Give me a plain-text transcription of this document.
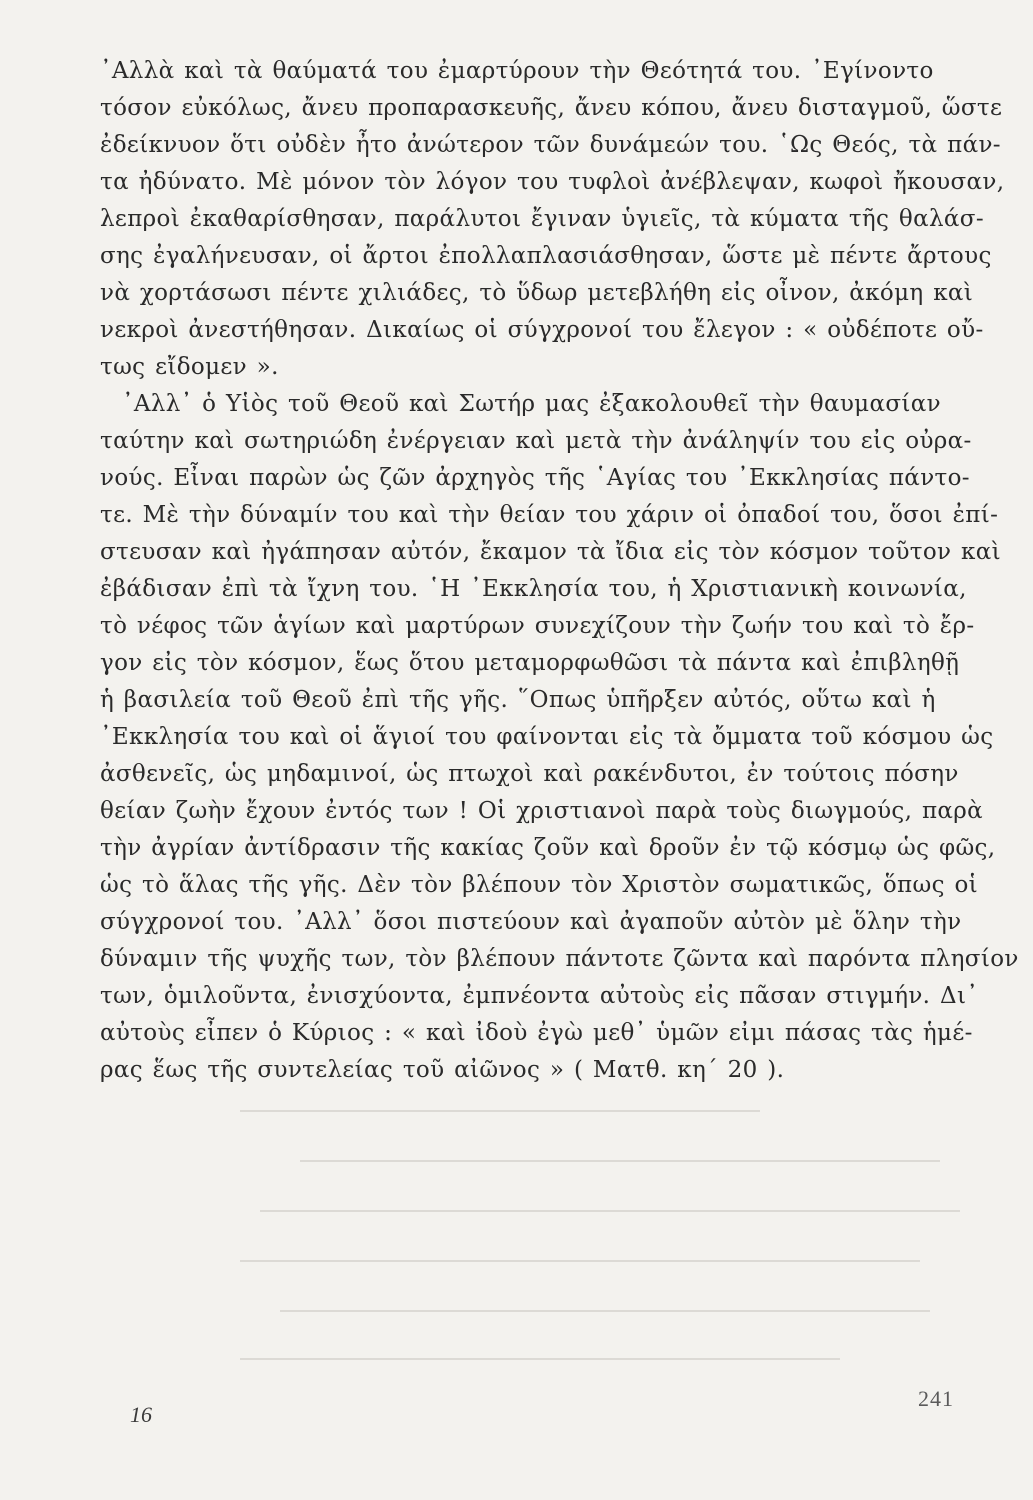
᾿Αλλὰ καὶ τὰ θαύματά του ἐμαρτύρουν τὴν Θεότητά του. ᾿Εγίνοντο
τόσον εὐκόλως, ἄνευ προπαρασκευῆς, ἄνευ κόπου, ἄνευ δισταγμοῦ, ὥστε
ἐδείκνυον ὅτι οὐδὲν ἦτο ἀνώτερον τῶν δυνάμεών του. ῾Ως Θεός, τὰ πάν-
τα ἠδύνατο. Μὲ μόνον τὸν λόγον του τυφλοὶ ἀνέβλεψαν, κωφοὶ ἤκουσαν,
λεπροὶ ἐκαθαρίσθησαν, παράλυτοι ἔγιναν ὑγιεῖς, τὰ κύματα τῆς θαλάσ-
σης ἐγαλήνευσαν, οἱ ἄρτοι ἐπολλαπλασιάσθησαν, ὥστε μὲ πέντε ἄρτους
νὰ χορτάσωσι πέντε χιλιάδες, τὸ ὕδωρ μετεβλήθη εἰς οἶνον, ἀκόμη καὶ
νεκροὶ ἀνεστήθησαν. Δικαίως οἱ σύγχρονοί του ἔλεγον : « οὐδέποτε οὔ-
τως εἴδομεν ».
᾿Αλλ᾿ ὁ Υἱὸς τοῦ Θεοῦ καὶ Σωτήρ μας ἐξακολουθεῖ τὴν θαυμασίαν
ταύτην καὶ σωτηριώδη ἐνέργειαν καὶ μετὰ τὴν ἀνάληψίν του εἰς οὐρα-
νούς. Εἶναι παρὼν ὡς ζῶν ἀρχηγὸς τῆς ῾Αγίας του ᾿Εκκλησίας πάντο-
τε. Μὲ τὴν δύναμίν του καὶ τὴν θείαν του χάριν οἱ ὀπαδοί του, ὅσοι ἐπί-
στευσαν καὶ ἠγάπησαν αὐτόν, ἔκαμον τὰ ἴδια εἰς τὸν κόσμον τοῦτον καὶ
ἐβάδισαν ἐπὶ τὰ ἴχνη του. ῾Η ᾿Εκκλησία του, ἡ Χριστιανικὴ κοινωνία,
τὸ νέφος τῶν ἁγίων καὶ μαρτύρων συνεχίζουν τὴν ζωήν του καὶ τὸ ἔρ-
γον εἰς τὸν κόσμον, ἕως ὅτου μεταμορφωθῶσι τὰ πάντα καὶ ἐπιβληθῇ
ἡ βασιλεία τοῦ Θεοῦ ἐπὶ τῆς γῆς. ῞Οπως ὑπῆρξεν αὐτός, οὕτω καὶ ἡ
᾿Εκκλησία του καὶ οἱ ἅγιοί του φαίνονται εἰς τὰ ὄμματα τοῦ κόσμου ὡς
ἀσθενεῖς, ὡς μηδαμινοί, ὡς πτωχοὶ καὶ ρακένδυτοι, ἐν τούτοις πόσην
θείαν ζωὴν ἔχουν ἐντός των ! Οἱ χριστιανοὶ παρὰ τοὺς διωγμούς, παρὰ
τὴν ἀγρίαν ἀντίδρασιν τῆς κακίας ζοῦν καὶ δροῦν ἐν τῷ κόσμῳ ὡς φῶς,
ὡς τὸ ἅλας τῆς γῆς. Δὲν τὸν βλέπουν τὸν Χριστὸν σωματικῶς, ὅπως οἱ
σύγχρονοί του. ᾿Αλλ᾿ ὅσοι πιστεύουν καὶ ἀγαποῦν αὐτὸν μὲ ὅλην τὴν
δύναμιν τῆς ψυχῆς των, τὸν βλέπουν πάντοτε ζῶντα καὶ παρόντα πλησίον
των, ὁμιλοῦντα, ἐνισχύοντα, ἐμπνέοντα αὐτοὺς εἰς πᾶσαν στιγμήν. Δι᾿
αὐτοὺς εἶπεν ὁ Κύριος : « καὶ ἰδοὺ ἐγὼ μεθ᾿ ὑμῶν εἰμι πάσας τὰς ἡμέ-
ρας ἕως τῆς συντελείας τοῦ αἰῶνος » ( Ματθ. κη΄ 20 ).
16
241
